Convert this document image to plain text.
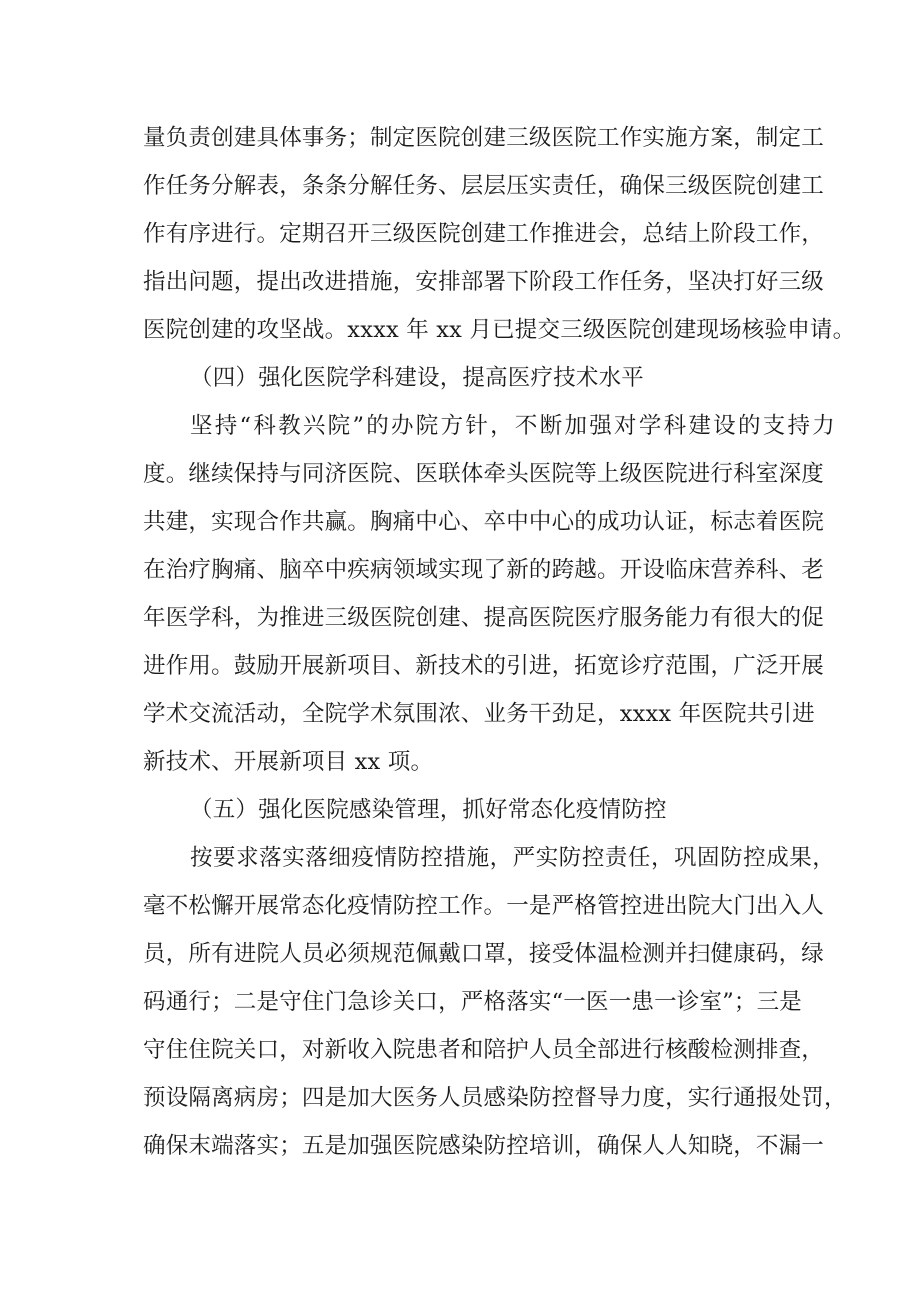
量负责创建具体事务；制定医院创建三级医院工作实施方案，制定工
作任务分解表，条条分解任务、层层压实责任，确保三级医院创建工
作有序进行。定期召开三级医院创建工作推进会，总结上阶段工作，
指出问题，提出改进措施，安排部署下阶段工作任务，坚决打好三级
医院创建的攻坚战。xxxx 年 xx 月已提交三级医院创建现场核验申请。
（四）强化医院学科建设，提高医疗技术水平
坚持“科教兴院”的办院方针，不断加强对学科建设的支持力
度。继续保持与同济医院、医联体牵头医院等上级医院进行科室深度
共建，实现合作共赢。胸痛中心、卒中中心的成功认证，标志着医院
在治疗胸痛、脑卒中疾病领域实现了新的跨越。开设临床营养科、老
年医学科，为推进三级医院创建、提高医院医疗服务能力有很大的促
进作用。鼓励开展新项目、新技术的引进，拓宽诊疗范围，广泛开展
学术交流活动，全院学术氛围浓、业务干劲足，xxxx 年医院共引进
新技术、开展新项目 xx 项。
（五）强化医院感染管理，抓好常态化疫情防控
按要求落实落细疫情防控措施，严实防控责任，巩固防控成果，
毫不松懈开展常态化疫情防控工作。一是严格管控进出院大门出入人
员，所有进院人员必须规范佩戴口罩，接受体温检测并扫健康码，绿
码通行；二是守住门急诊关口，严格落实“一医一患一诊室”；三是
守住住院关口，对新收入院患者和陪护人员全部进行核酸检测排查，
预设隔离病房；四是加大医务人员感染防控督导力度，实行通报处罚，
确保末端落实；五是加强医院感染防控培训，确保人人知晓，不漏一
